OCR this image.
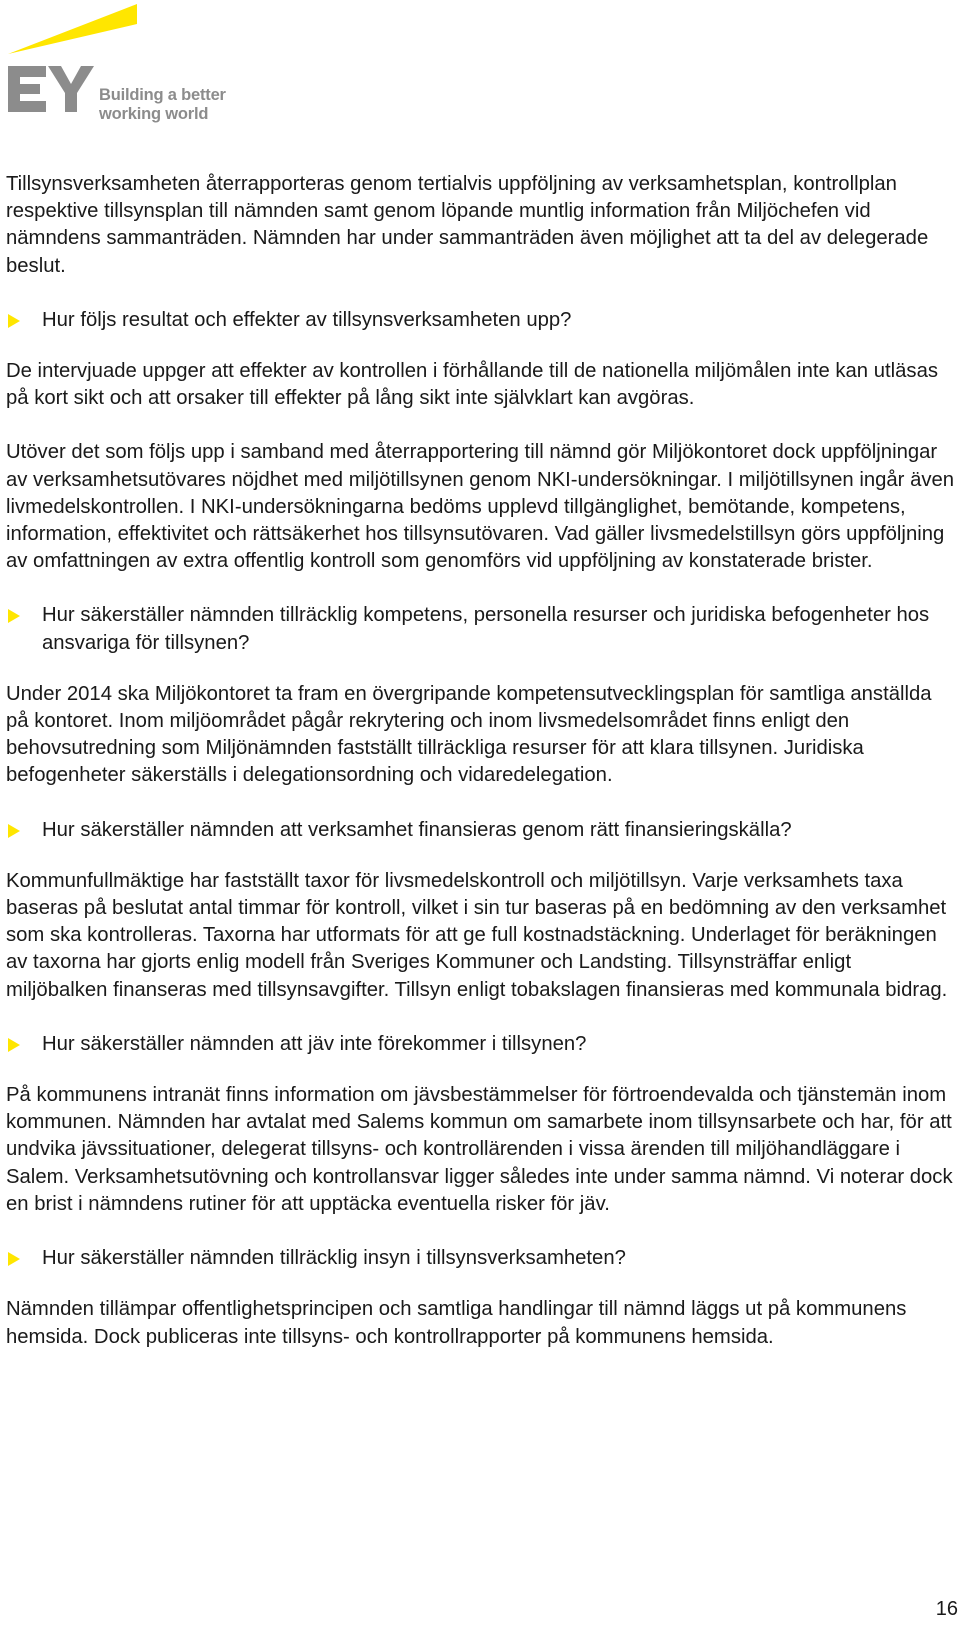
EY
Building a better
working world

Tillsynsverksamheten återrapporteras genom tertialvis uppföljning av verksamhetsplan, kontrollplan respektive tillsynsplan till nämnden samt genom löpande muntlig information från Miljöchefen vid nämndens sammanträden. Nämnden har under sammanträden även möjlighet att ta del av delegerade beslut.

Hur följs resultat och effekter av tillsynsverksamheten upp?

De intervjuade uppger att effekter av kontrollen i förhållande till de nationella miljömålen inte kan utläsas på kort sikt och att orsaker till effekter på lång sikt inte självklart kan avgöras.

Utöver det som följs upp i samband med återrapportering till nämnd gör Miljökontoret dock uppföljningar av verksamhetsutövares nöjdhet med miljötillsynen genom NKI-undersökningar. I miljötillsynen ingår även livmedelskontrollen. I NKI-undersökningarna bedöms upplevd tillgänglighet, bemötande, kompetens, information, effektivitet och rättsäkerhet hos tillsynsutövaren. Vad gäller livsmedelstillsyn görs uppföljning av omfattningen av extra offentlig kontroll som genomförs vid uppföljning av konstaterade brister.

Hur säkerställer nämnden tillräcklig kompetens, personella resurser och juridiska befogenheter hos ansvariga för tillsynen?

Under 2014 ska Miljökontoret ta fram en övergripande kompetensutvecklingsplan för samtliga anställda på kontoret. Inom miljöområdet pågår rekrytering och inom livsmedelsområdet finns enligt den behovsutredning som Miljönämnden fastställt tillräckliga resurser för att klara tillsynen. Juridiska befogenheter säkerställs i delegationsordning och vidaredelegation.

Hur säkerställer nämnden att verksamhet finansieras genom rätt finansieringskälla?

Kommunfullmäktige har fastställt taxor för livsmedelskontroll och miljötillsyn. Varje verksamhets taxa baseras på beslutat antal timmar för kontroll, vilket i sin tur baseras på en bedömning av den verksamhet som ska kontrolleras. Taxorna har utformats för att ge full kostnadstäckning. Underlaget för beräkningen av taxorna har gjorts enlig modell från Sveriges Kommuner och Landsting. Tillsynsträffar enligt miljöbalken finanseras med tillsynsavgifter. Tillsyn enligt tobakslagen finansieras med kommunala bidrag.

Hur säkerställer nämnden att jäv inte förekommer i tillsynen?

På kommunens intranät finns information om jävsbestämmelser för förtroendevalda och tjänstemän inom kommunen. Nämnden har avtalat med Salems kommun om samarbete inom tillsynsarbete och har, för att undvika jävssituationer, delegerat tillsyns- och kontrollärenden i vissa ärenden till miljöhandläggare i Salem. Verksamhetsutövning och kontrollansvar ligger således inte under samma nämnd. Vi noterar dock en brist i nämndens rutiner för att upptäcka eventuella risker för jäv.

Hur säkerställer nämnden tillräcklig insyn i tillsynsverksamheten?

Nämnden tillämpar offentlighetsprincipen och samtliga handlingar till nämnd läggs ut på kommunens hemsida. Dock publiceras inte tillsyns- och kontrollrapporter på kommunens hemsida.

16
